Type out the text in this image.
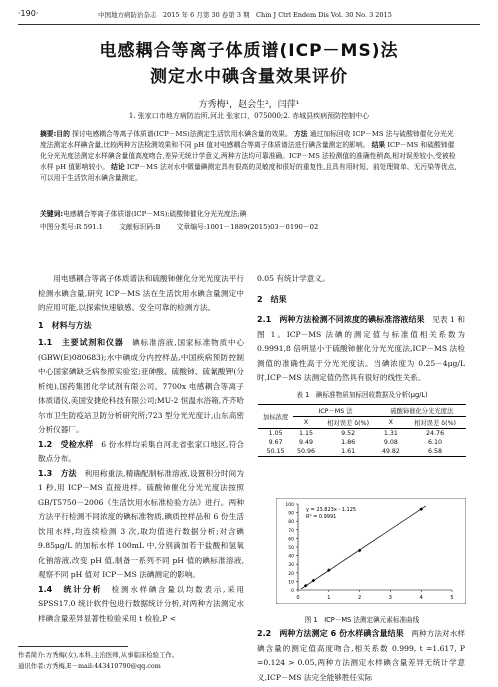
·190·	中国地方病防治杂志　2015 年 6 月第 30 卷第 3 期　Chin J Ctrl Endem Dis Vol. 30 No. 3 2015
电感耦合等离子体质谱(ICP－MS)法
测定水中碘含量效果评价
方秀梅¹，赵会生²，闫萍¹
1. 张家口市地方病防治所,河北 张家口，075000;2. 赤城县疾病预防控制中心
摘要:目的 探讨电感耦合等离子体质谱(ICP－MS)法测定生活饮用水碘含量的效果。 方法 通过加标回收 ICP－MS 法与硫酸铈催化分光光度法测定水样碘含量,比较两种方法检测效果和不同 pH 值对电感耦合等离子体质谱法进行碘含量测定的影响。 结果 ICP－MS 和硫酸铈催化分光光度法测定水样碘含量值高度吻合,差异无统计学意义,两种方法均可靠准确。ICP－MS 法检测值的准确性稍高,相对误差较小,受被检水样 pH 值影响较小。 结论 ICP－MS 法对水中微量碘测定具有很高的灵敏度和很好的重复性,且具有用时短、前处理简单、无污染等优点,可以用于生活饮用水碘含量测定。
关键词:电感耦合等离子体质谱(ICP－MS);硫酸铈催化分光光度法;碘
中图分类号:R 591.1 文献标识码:B 文章编号:1001－1889(2015)03－0190－02
用电感耦合等离子体质谱法和硫酸铈催化分光光度法平行检测水碘含量,研究 ICP－MS 法在生活饮用水碘含量测定中的应用可能,以探索快速敏感、安全可靠的检测方法。
1　材料与方法
1.1　主要试剂和仪器　 碘标准溶液,国家标准物质中心(GBW(E)080683);水中碘成分内控样品,中国疾病预防控制中心国家碘缺乏病参照实验室;亚砷酸、硫酸铈、硫氰酸钾(分析纯),国药集团化学试剂有限公司。7700x 电感耦合等离子体质谱仪,美国安捷伦科技有限公司;MU-2 恒温水浴箱,齐齐哈尔市卫生防疫站卫防分析研究所;723 型分光光度计,山东高密分析仪器厂。
1.2　受检水样　 6 份水样均采集自河北省张家口地区,符合散点分布。
1.3　方法　 利用称重法,精确配制标准溶液,设置积分时间为 1 秒,用 ICP－MS 直接进样。硫酸铈催化分光光度法按照 GB/T5750－2006《生活饮用水标准检验方法》进行。两种方法平行检测不同浓度的碘标准物质,碘质控样品和 6 份生活饮用水样,均连续检测 3 次,取均值进行数据分析;对含碘 9.85μg/L 的加标水样 100mL 中,分别滴加若干盐酸和氢氧化钠溶液,改变 pH 值,制备一系列不同 pH 值的碘标准溶液,观察不同 pH 值对 ICP－MS 法碘测定的影响。
1.4　统计分析　 检测水样碘含量以均数表示,采用 SPSS17.0 统计软件包进行数据统计分析,对两种方法测定水样碘含量差异显著性检验采用 t 检验,P <
0.05 有统计学意义。
2　结果
2.1　两种方法检测不同浓度的碘标准溶液结果　 见表 1 和图 1。ICP－MS 法碘的测定值与标准值相关系数为 0.9991,8 倍明显小于硫酸铈催化分光光度法,ICP－MS 法检测值的准确性高于分光光度法。当碘浓度为 0.25－4μg/L 时,ICP－MS 法测定值仍然具有很好的线性关系。
表 1　碘标准物质加标回收数据及分析(μg/L)
加标浓度	ICP－MS 法		硫酸铈催化分光光度法	
	X	相对误差 δ(%)	X	相对误差 δ(%)
1.05	1.15	9.52	1.31	24.76
9.67	9.49	1.86	9.08	6.10
50.15	50.96	1.61	49.82	6.58
0
10
20
30
40
50
60
70
80
90
100
0	1	2	3	4	5
y = 23.823x - 1.125
R² = 0.9991
图 1　ICP－MS 法测定碘元素标准曲线
2.2　两种方法测定 6 份水样碘含量结果　 两种方法对水样碘含量的测定值高度吻合,相关系数 0.999, t =1.617, P =0.124 > 0.05,两种方法测定水样碘含量差异无统计学意义,ICP－MS 法完全能够胜任实际
作者简介:方秀梅(女),本科,主治医师,从事临床检验工作。
通讯作者:方秀梅,E－mail:443410790@qq.com
